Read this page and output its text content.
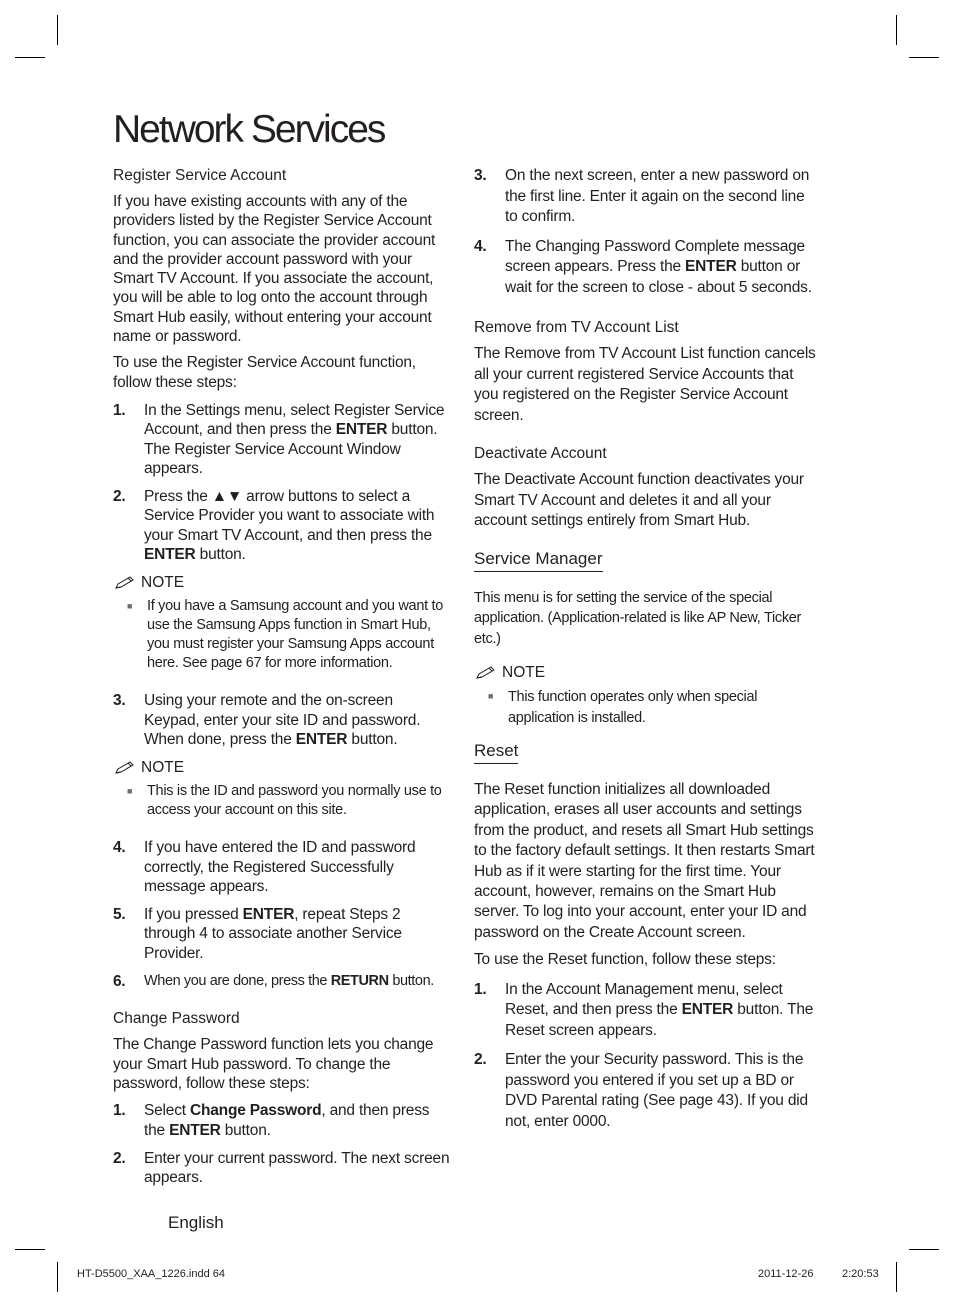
Network Services
Register Service Account

If you have existing accounts with any of the providers listed by the Register Service Account function, you can associate the provider account and the provider account password with your Smart TV Account. If you associate the account, you will be able to log onto the account through Smart Hub easily, without entering your account name or password.

To use the Register Service Account function, follow these steps:

1.	In the Settings menu, select Register Service Account, and then press the ENTER button. The Register Service Account Window appears.
2.	Press the ▲▼ arrow buttons to select a Service Provider you want to associate with your Smart TV Account, and then press the ENTER button.
NOTE
■	If you have a Samsung account and you want to use the Samsung Apps function in Smart Hub, you must register your Samsung Apps account here. See page 67 for more information.
3.	Using your remote and the on-screen Keypad, enter your site ID and password. When done, press the ENTER button.
NOTE
■	This is the ID and password you normally use to access your account on this site.
4.	If you have entered the ID and password correctly, the Registered Successfully message appears.
5.	If you pressed ENTER, repeat Steps 2 through 4 to associate another Service Provider.
6.	When you are done, press the RETURN button.
Change Password

The Change Password function lets you change your Smart Hub password. To change the password, follow these steps:

1.	Select Change Password, and then press the ENTER button.
2.	Enter your current password. The next screen appears.
3.	On the next screen, enter a new password on the first line. Enter it again on the second line to confirm.
4.	The Changing Password Complete message screen appears. Press the ENTER button or wait for the screen to close - about 5 seconds.
Remove from TV Account List

The Remove from TV Account List function cancels all your current registered Service Accounts that you registered on the Register Service Account screen.

Deactivate Account

The Deactivate Account function deactivates your Smart TV Account and deletes it and all your account settings entirely from Smart Hub.

Service Manager

This menu is for setting the service of the special application. (Application-related is like AP New, Ticker etc.)

NOTE
■	This function operates only when special application is installed.
Reset

The Reset function initializes all downloaded application, erases all user accounts and settings from the product, and resets all Smart Hub settings to the factory default settings. It then restarts Smart Hub as if it were starting for the first time. Your account, however, remains on the Smart Hub server. To log into your account, enter your ID and password on the Create Account screen.

To use the Reset function, follow these steps:

1.	In the Account Management menu, select Reset, and then press the ENTER button. The Reset screen appears.
2.	Enter the your Security password. This is the password you entered if you set up a BD or DVD Parental rating (See page 43). If you did not, enter 0000.
English
HT-D5500_XAA_1226.indd 64	2011-12-26	2:20:53
